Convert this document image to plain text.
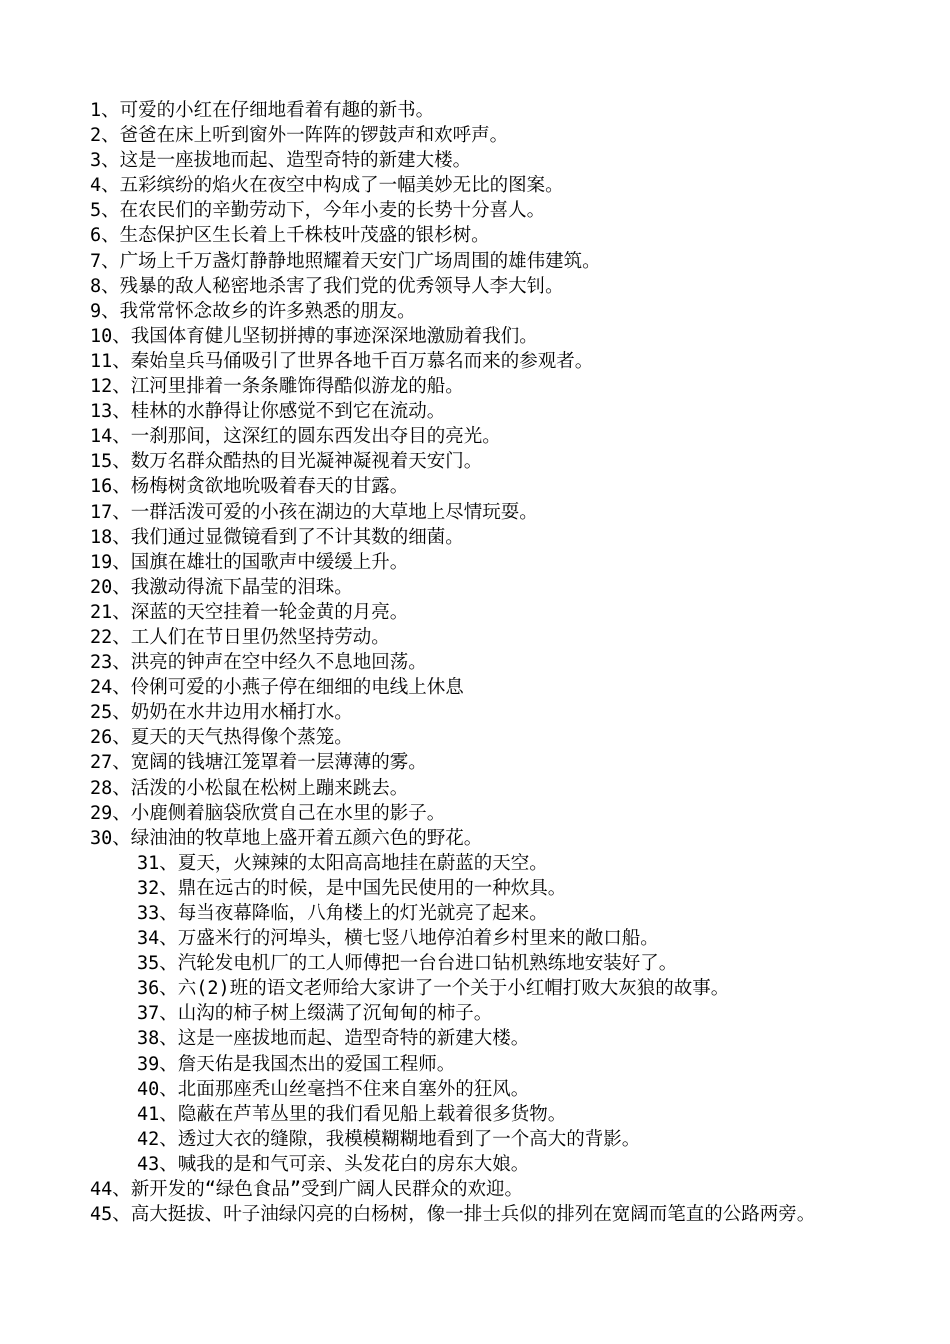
1、可爱的小红在仔细地看着有趣的新书。
2、爸爸在床上听到窗外一阵阵的锣鼓声和欢呼声。
3、这是一座拔地而起、造型奇特的新建大楼。
4、五彩缤纷的焰火在夜空中构成了一幅美妙无比的图案。
5、在农民们的辛勤劳动下，今年小麦的长势十分喜人。
6、生态保护区生长着上千株枝叶茂盛的银杉树。
7、广场上千万盏灯静静地照耀着天安门广场周围的雄伟建筑。
8、残暴的敌人秘密地杀害了我们党的优秀领导人李大钊。
9、我常常怀念故乡的许多熟悉的朋友。
10、我国体育健儿坚韧拼搏的事迹深深地激励着我们。
11、秦始皇兵马俑吸引了世界各地千百万慕名而来的参观者。
12、江河里排着一条条雕饰得酷似游龙的船。
13、桂林的水静得让你感觉不到它在流动。
14、一刹那间，这深红的圆东西发出夺目的亮光。
15、数万名群众酷热的目光凝神凝视着天安门。
16、杨梅树贪欲地吮吸着春天的甘露。
17、一群活泼可爱的小孩在湖边的大草地上尽情玩耍。
18、我们通过显微镜看到了不计其数的细菌。
19、国旗在雄壮的国歌声中缓缓上升。
20、我激动得流下晶莹的泪珠。
21、深蓝的天空挂着一轮金黄的月亮。
22、工人们在节日里仍然坚持劳动。
23、洪亮的钟声在空中经久不息地回荡。
24、伶俐可爱的小燕子停在细细的电线上休息
25、奶奶在水井边用水桶打水。
26、夏天的天气热得像个蒸笼。
27、宽阔的钱塘江笼罩着一层薄薄的雾。
28、活泼的小松鼠在松树上蹦来跳去。
29、小鹿侧着脑袋欣赏自己在水里的影子。
30、绿油油的牧草地上盛开着五颜六色的野花。
31、夏天，火辣辣的太阳高高地挂在蔚蓝的天空。
32、鼎在远古的时候，是中国先民使用的一种炊具。
33、每当夜幕降临，八角楼上的灯光就亮了起来。
34、万盛米行的河埠头，横七竖八地停泊着乡村里来的敞口船。
35、汽轮发电机厂的工人师傅把一台台进口钻机熟练地安装好了。
36、六(2)班的语文老师给大家讲了一个关于小红帽打败大灰狼的故事。
37、山沟的柿子树上缀满了沉甸甸的柿子。
38、这是一座拔地而起、造型奇特的新建大楼。
39、詹天佑是我国杰出的爱国工程师。
40、北面那座秃山丝毫挡不住来自塞外的狂风。
41、隐蔽在芦苇丛里的我们看见船上载着很多货物。
42、透过大衣的缝隙，我模模糊糊地看到了一个高大的背影。
43、喊我的是和气可亲、头发花白的房东大娘。
44、新开发的“绿色食品”受到广阔人民群众的欢迎。
45、高大挺拔、叶子油绿闪亮的白杨树，像一排士兵似的排列在宽阔而笔直的公路两旁。
